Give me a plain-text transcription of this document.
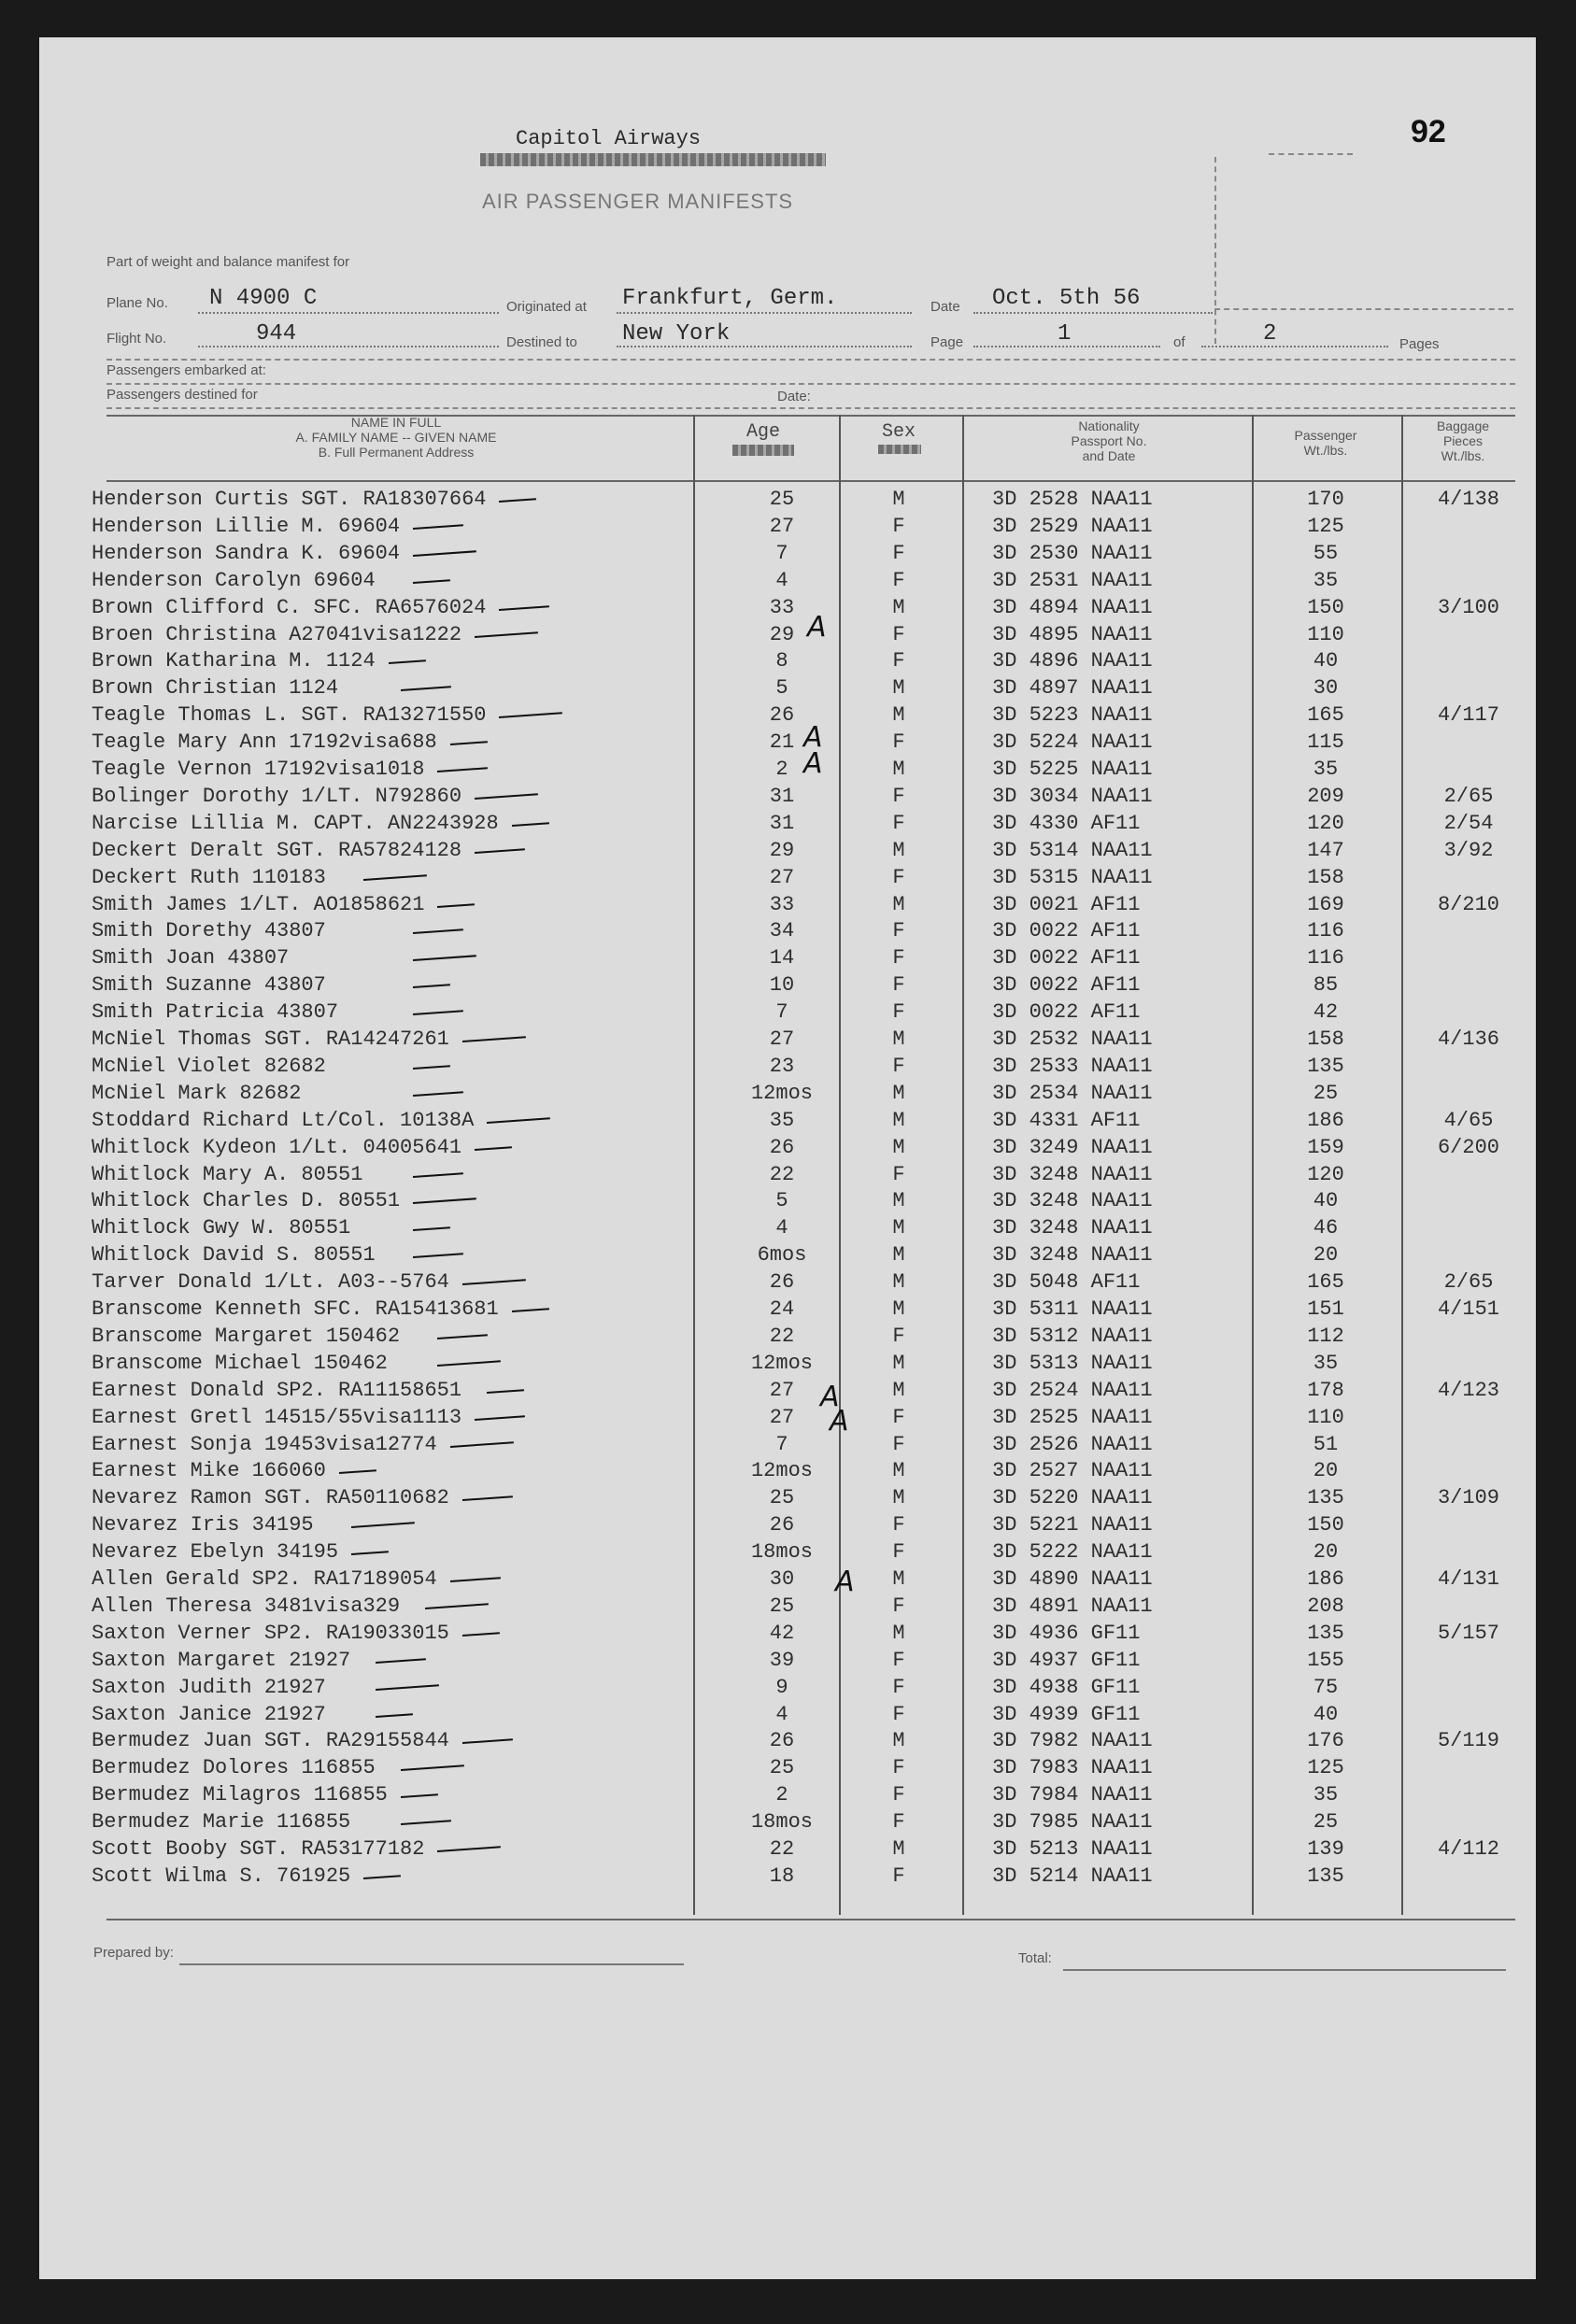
Capitol Airways
AIR PASSENGER MANIFESTS
92
Part of weight and balance manifest for
Plane No. N 4900 C	Originated at Frankfurt, Germ.	Date Oct. 5th 56
Flight No.	944	Destined to New York	Page	1	of	2	Pages
Passengers embarked at:
Passengers destined for	Date:
NAME IN FULL
A. FAMILY NAME -- GIVEN NAME
B. Full Permanent Address
Age	Sex	Nationality
Passport No.
and Date
Passenger
Wt./lbs.
Baggage
Pieces
Wt./lbs.
Henderson Curtis SGT. RA18307664	25	M	3D 2528 NAA11	170	4/138
Henderson Lillie M. 69604	27	F	3D 2529 NAA11	125
Henderson Sandra K. 69604	7	F	3D 2530 NAA11	55
Henderson Carolyn 69604	4	F	3D 2531 NAA11	35
Brown Clifford C. SFC. RA6576024	33	M	3D 4894 NAA11	150	3/100
Broen Christina A27041visa1222	29	F	3D 4895 NAA11	110
Brown Katharina M. 1124	8	F	3D 4896 NAA11	40
Brown Christian 1124	5	M	3D 4897 NAA11	30
Teagle Thomas L. SGT. RA13271550	26	M	3D 5223 NAA11	165	4/117
Teagle Mary Ann 17192visa688	21	F	3D 5224 NAA11	115
Teagle Vernon 17192visa1018	2	M	3D 5225 NAA11	35
Bolinger Dorothy 1/LT. N792860	31	F	3D 3034 NAA11	209	2/65
Narcise Lillia M. CAPT. AN2243928	31	F	3D 4330 AF11	120	2/54
Deckert Deralt SGT. RA57824128	29	M	3D 5314 NAA11	147	3/92
Deckert Ruth 110183	27	F	3D 5315 NAA11	158
Smith James 1/LT. AO1858621	33	M	3D 0021 AF11	169	8/210
Smith Dorethy 43807	34	F	3D 0022 AF11	116
Smith Joan 43807	14	F	3D 0022 AF11	116
Smith Suzanne 43807	10	F	3D 0022 AF11	85
Smith Patricia 43807	7	F	3D 0022 AF11	42
McNiel Thomas SGT. RA14247261	27	M	3D 2532 NAA11	158	4/136
McNiel Violet 82682	23	F	3D 2533 NAA11	135
McNiel Mark 82682	12mos	M	3D 2534 NAA11	25
Stoddard Richard Lt/Col. 10138A	35	M	3D 4331 AF11	186	4/65
Whitlock Kydeon 1/Lt. 04005641	26	M	3D 3249 NAA11	159	6/200
Whitlock Mary A. 80551	22	F	3D 3248 NAA11	120
Whitlock Charles D. 80551	5	M	3D 3248 NAA11	40
Whitlock Gwy W. 80551	4	M	3D 3248 NAA11	46
Whitlock David S. 80551	6mos	M	3D 3248 NAA11	20
Tarver Donald 1/Lt. A03--5764	26	M	3D 5048 AF11	165	2/65
Branscome Kenneth SFC. RA15413681	24	M	3D 5311 NAA11	151	4/151
Branscome Margaret 150462	22	F	3D 5312 NAA11	112
Branscome Michael 150462	12mos	M	3D 5313 NAA11	35
Earnest Donald SP2. RA11158651	27	M	3D 2524 NAA11	178	4/123
Earnest Gretl 14515/55visa1113	27	F	3D 2525 NAA11	110
Earnest Sonja 19453visa12774	7	F	3D 2526 NAA11	51
Earnest Mike 166060	12mos	M	3D 2527 NAA11	20
Nevarez Ramon SGT. RA50110682	25	M	3D 5220 NAA11	135	3/109
Nevarez Iris 34195	26	F	3D 5221 NAA11	150
Nevarez Ebelyn 34195	18mos	F	3D 5222 NAA11	20
Allen Gerald SP2. RA17189054	30	M	3D 4890 NAA11	186	4/131
Allen Theresa 3481visa329	25	F	3D 4891 NAA11	208
Saxton Verner SP2. RA19033015	42	M	3D 4936 GF11	135	5/157
Saxton Margaret 21927	39	F	3D 4937 GF11	155
Saxton Judith 21927	9	F	3D 4938 GF11	75
Saxton Janice 21927	4	F	3D 4939 GF11	40
Bermudez Juan SGT. RA29155844	26	M	3D 7982 NAA11	176	5/119
Bermudez Dolores 116855	25	F	3D 7983 NAA11	125
Bermudez Milagros 116855	2	F	3D 7984 NAA11	35
Bermudez Marie 116855	18mos	F	3D 7985 NAA11	25
Scott Booby SGT. RA53177182	22	M	3D 5213 NAA11	139	4/112
Scott Wilma S. 761925	18	F	3D 5214 NAA11	135
A
A
A
A
A
A
Prepared by:	Total:
